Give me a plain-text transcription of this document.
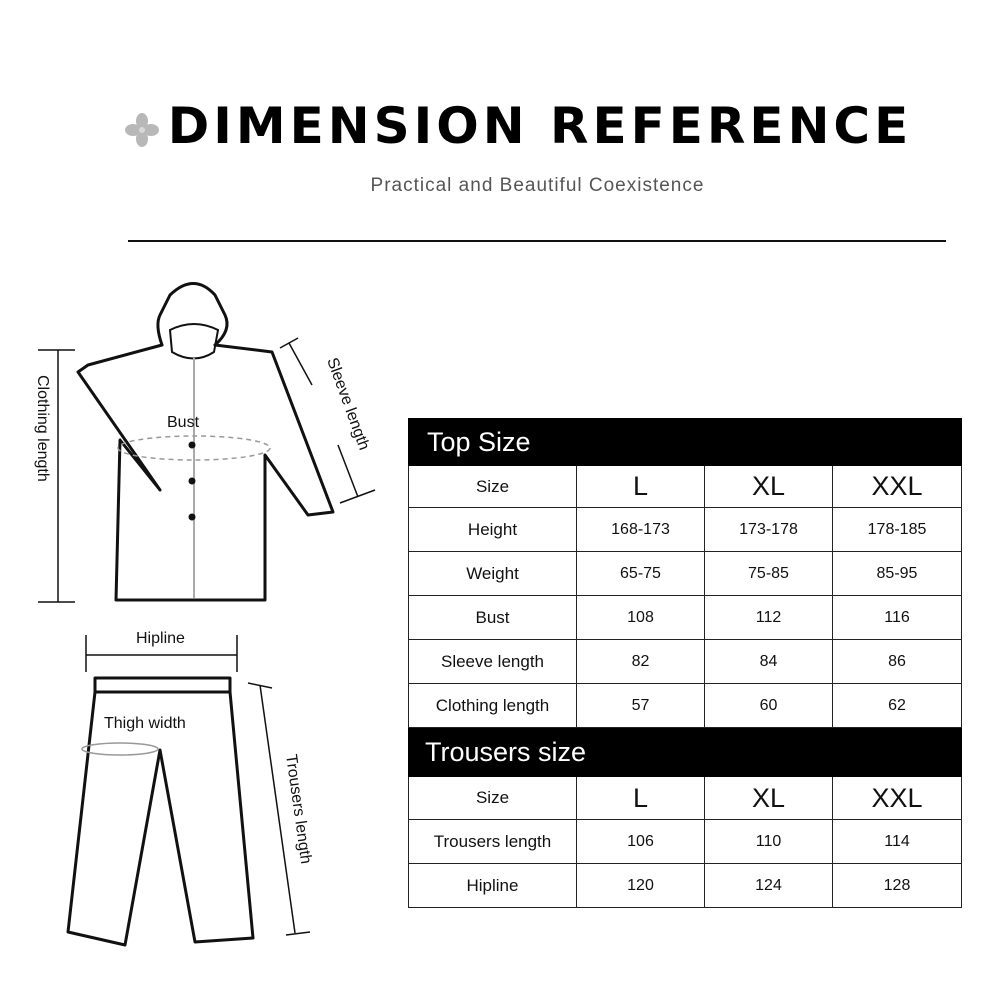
DIMENSION REFERENCE
Practical and Beautiful Coexistence
Clothing length	Sleeve length
Bust
Hipline
Thigh width
Trousers length
Top Size			
Size	L	XL	XXL
Height	168-173	173-178	178-185
Weight	65-75	75-85	85-95
Bust	108	112	116
Sleeve length	82	84	86
Clothing length	57	60	62
Trousers size			
Size	L	XL	XXL
Trousers length	106	110	114
Hipline	120	124	128
